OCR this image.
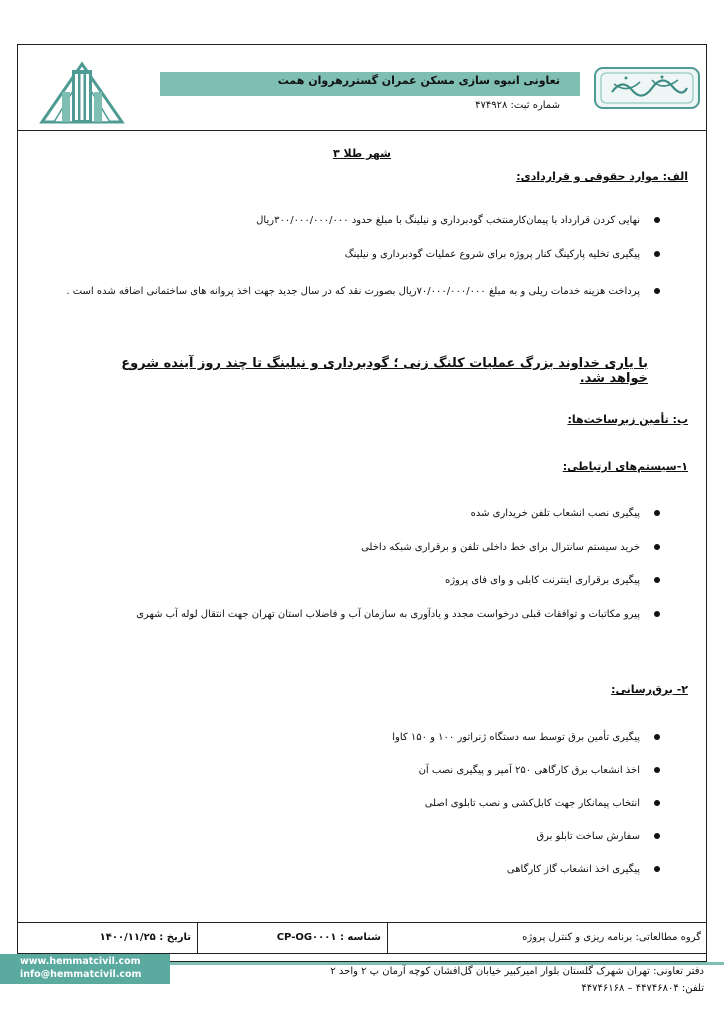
تعاونی انبوه سازی مسکن عمران گستررهروان همت
شماره ثبت: ۴۷۴۹۲۸
شهر طلا ۳
الف: موارد حقوقی و قراردادی:
نهایی کردن قرارداد با پیمان‌کارمنتخب گودبرداری و نیلینگ با مبلغ حدود ۳۰۰/۰۰۰/۰۰۰/۰۰۰ریال
پیگیری تخلیه پارکینگ کنار پروژه برای شروع عملیات گودبرداری و نیلینگ
پرداخت هزینه خدمات ریلی و به مبلغ ۷۰/۰۰۰/۰۰۰/۰۰۰ریال بصورت نقد که در سال جدید جهت اخذ پروانه های ساختمانی اضافه شده است .
با یاری خداوند بزرگ عملیات کلنگ زنی ؛ گودبرداری و نیلینگ تا چند روز آینده شروع خواهد شد.
ب: تأمین زیرساخت‌ها:
۱-سیستم‌های ارتباطی:
پیگیری نصب انشعاب تلفن خریداری شده
خرید سیستم سانترال برای خط داخلی تلفن و برقراری شبکه داخلی
پیگیری برقراری اینترنت کابلی و وای فای پروژه
پیرو مکاتبات و توافقات قبلی درخواست مجدد و یادآوری به سازمان آب و فاضلاب استان تهران جهت انتقال لوله آب شهری
۲- برق‌رسانی:
پیگیری تأمین برق توسط سه دستگاه ژنراتور ۱۰۰ و ۱۵۰ کاوا
اخذ انشعاب برق کارگاهی ۲۵۰ آمپر و پیگیری نصب آن
انتخاب پیمانکار جهت کابل‌کشی و نصب تابلوی اصلی
سفارش ساخت تابلو برق
پیگیری اخذ انشعاب گاز کارگاهی
گروه مطالعاتی: برنامه ریزی و کنترل پروژه
شناسه : CP-OG۰۰۰۱
تاریخ : ۱۴۰۰/۱۱/۲۵
www.hemmatcivil.com
info@hemmatcivil.com	دفتر تعاونی: تهران شهرک گلستان بلوار امیرکبیر خیابان گل‌افشان کوچه آرمان پ ۲ واحد ۲
تلفن: ۴۴۷۴۶۸۰۴ – ۴۴۷۴۶۱۶۸
